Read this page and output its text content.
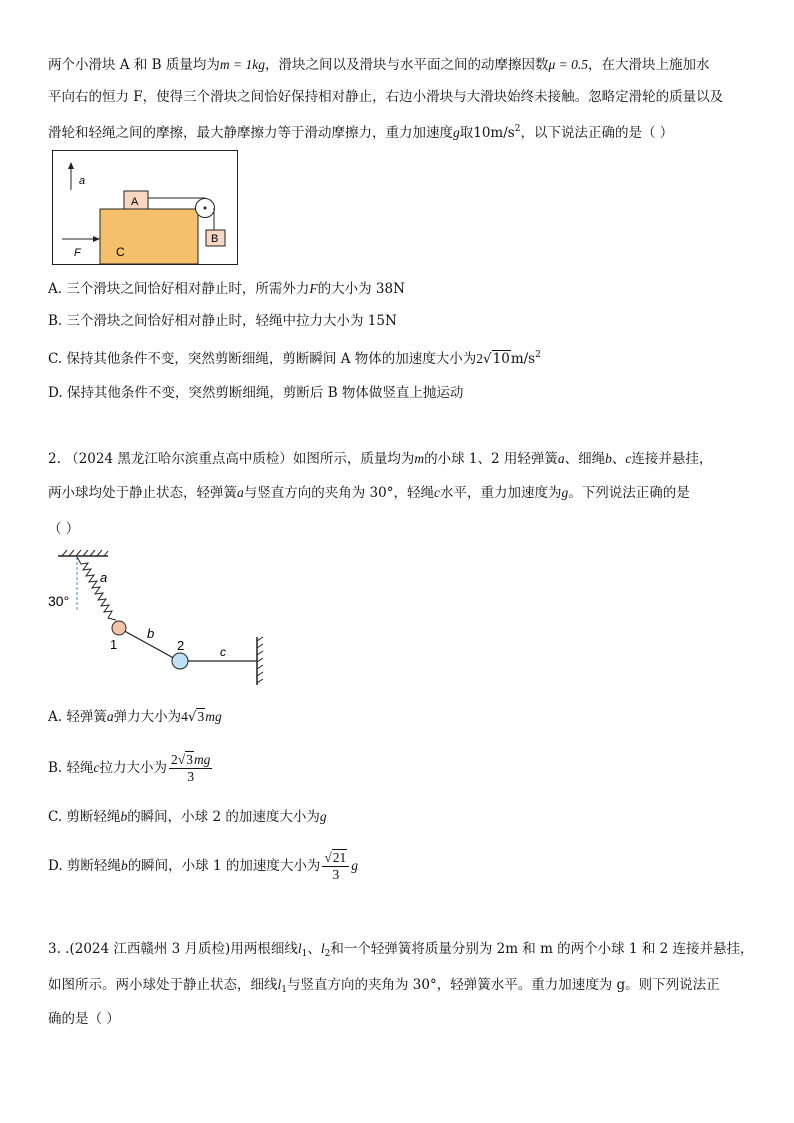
两个小滑块 A 和 B 质量均为m = 1kg，滑块之间以及滑块与水平面之间的动摩擦因数μ = 0.5，在大滑块上施加水
平向右的恒力 F，使得三个滑块之间恰好保持相对静止，右边小滑块与大滑块始终未接触。忽略定滑轮的质量以及
滑轮和轻绳之间的摩擦，最大静摩擦力等于滑动摩擦力，重力加速度g取$10m/s^2$，以下说法正确的是（ ）
a
C
A
B
F
A. 三个滑块之间恰好相对静止时，所需外力F的大小为 38N
B. 三个滑块之间恰好相对静止时，轻绳中拉力大小为 15N
C. 保持其他条件不变，突然剪断细绳，剪断瞬间 A 物体的加速度大小为$2√10m/s^2$
D. 保持其他条件不变，突然剪断细绳，剪断后 B 物体做竖直上抛运动
2. （2024 黑龙江哈尔滨重点高中质检）如图所示，质量均为m的小球 1、2 用轻弹簧a、细绳b、c连接并悬挂，
两小球均处于静止状态，轻弹簧a与竖直方向的夹角为 30°，轻绳c水平，重力加速度为g。下列说法正确的是
（ ）
30°
a
b
1	c
2
A. 轻弹簧a弹力大小为4√3mg
B. 轻绳c拉力大小为 $\frac{2√3mg}{3}$
C. 剪断轻绳b的瞬间，小球 2 的加速度大小为g
D. 剪断轻绳b的瞬间，小球 1 的加速度大小为 $\frac{√21}{3}$ g
3. .(2024 江西赣州 3 月质检)用两根细线$l_1$、$l_2$和一个轻弹簧将质量分别为 2m 和 m 的两个小球 1 和 2 连接并悬挂，
如图所示。两小球处于静止状态，细线$l_1$与竖直方向的夹角为 30°，轻弹簧水平。重力加速度为 g。则下列说法正
确的是（ ）
